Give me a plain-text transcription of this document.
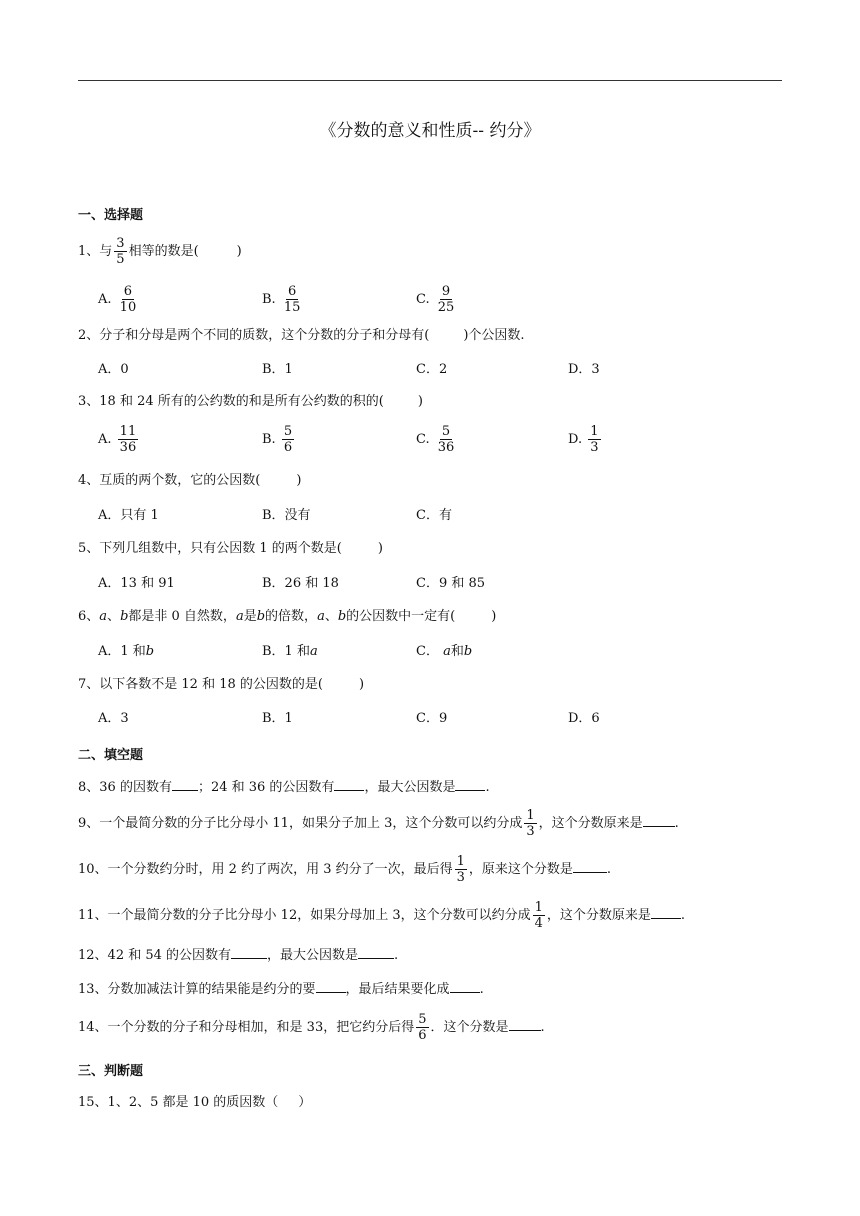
《分数的意义和性质-- 约分》
一、选择题
1、与 $\frac{3}{5}$ 相等的数是(	)
A. $\frac{6}{10}$	B. $\frac{6}{15}$	C. $\frac{9}{25}$
2、分子和分母是两个不同的质数，这个分数的分子和分母有(	)个公因数.
A．0	B．1	C．2	D．3
3、18 和 24 所有的公约数的和是所有公约数的积的(	)
A. $\frac{11}{36}$	B. $\frac{5}{6}$	C. $\frac{5}{36}$	D. $\frac{1}{3}$
4、互质的两个数，它的公因数(	)
A．只有 1	B．没有	C．有
5、下列几组数中，只有公因数 1 的两个数是(	)
A．13 和 91	B．26 和 18	C．9 和 85
6、a、b都是非 0 自然数，a是b的倍数，a、b的公因数中一定有(	)
A．1 和b	B．1 和a	C． a和b
7、以下各数不是 12 和 18 的公因数的是(	)
A．3	B．1	C．9	D．6
二、填空题
8、36 的因数有 ；24 和 36 的公因数有 ，最大公因数是 .
9、一个最简分数的分子比分母小 11，如果分子加上 3，这个分数可以约分成 $\frac{1}{3}$ ，这个分数原来是 .
10、一个分数约分时，用 2 约了两次，用 3 约分了一次，最后得 $\frac{1}{3}$ ，原来这个分数是	.
11、一个最简分数的分子比分母小 12，如果分母加上 3，这个分数可以约分成 $\frac{1}{4}$ ，这个分数原来是 .
12、42 和 54 的公因数有	，最大公因数是	.
13、分数加减法计算的结果能是约分的要 ，最后结果要化成 .
14、一个分数的分子和分母相加，和是 33，把它约分后得 $\frac{5}{6}$ ．这个分数是 .
三、判断题
15、1、2、5 都是 10 的质因数（ ）
